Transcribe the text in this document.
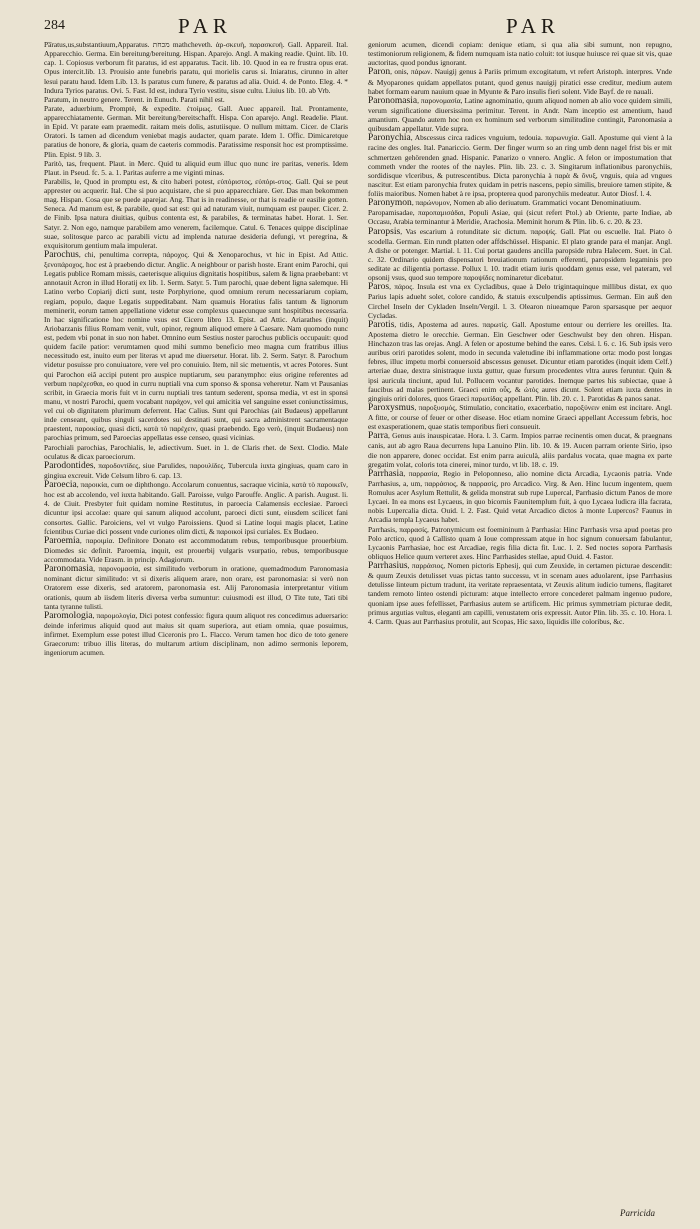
284	PAR	PAR

Pa̅ratus,us,substantiuum,Apparatus. מכחת mathcheveth. ἀρ-σκευὴ, παρασκευή. Gall. Appareil. Ital. Apparecchio. Germa. Ein bereitung/bereitung. Hispan. Aparejo. Angl. A making readie. Quint. lib. 10. cap. 1. Copiosus verborum fit paratus, id est apparatus. Tacit. lib. 10. Quod in ea re frustra opus erat. Opus intercit.lib. 13. Prouisio ante funebris paratu, qui morielis carus si. Iniaratus, cirunno in alter lesui paratu haud. Idem Lib. 13. Is paratus cum funere, & paratus ad alia. Ouid. 4. de Ponto. Eleg. 4. * Indura Tyrios paratus. Ovi. 5. Fast. Id est, indura Tyrio vestitu, sisue cultu. Liuius lib. 10. ab Vrb.

Paratum, in neutro genere. Terent. in Eunuch. Parati nihil est.

Parate, aduerbium, Promptè, & expedite. ἑτοίμως. Gall. Auec appareil. Ital. Prontamente, apparecchiatamente. German. Mit bereitung/bereitschafft. Hispa. Con aparejo. Angl. Readelie. Plaut. in Epid. Vt parate eam praemedit. raitam meis dolis, astutiisque. O nullum mittam. Cicer. de Claris Oratori. Is tamen ad dicendum veniebat magis audacter, quam parate. Idem 1. Offic. Dimicaretque paratius de honore, & gloria, quam de caeteris commodis. Paratissime responsit hoc est promptissime. Plin. Epist. 9 lib. 3.

Paritò, tas, frequent. Plaut. in Merc. Quid tu aliquid eum illuc quo nunc ire paritas, veneris. Idem Plaut. in Pseud. fc. 5. a. 1. Paritas auferre a me viginti minas.

Parabilis, le, Quod in promptu est, & cito haberi potest, εὐπόριστος, εὐπόρι-στος. Gall. Qui se peut apprester ou acquerir. Ital. Che si puo acquistare, che si puo apparecchiare. Ger. Das man bekommen mag. Hispan. Cosa que se puede aparejar. Ang. That is in readinesse, or that is readie or easilie gotten. Seneca. Ad manum est, & parabile, quod sat est: qui ad naturam viuit, numquam est pauper. Cicer. 2. de Finib. Ipsa natura diuitias, quibus contenta est, & parabiles, & terminatas habet. Horat. 1. Ser. Satyr. 2. Non ego, namque parabilem amo venerem, facilemque. Catul. 6. Tenaces quippe disciplinae suae, solitosque parco ac parabili victu ad implenda naturae desideria defungi, vt peregrina, & exquisitorum gentium mala impulerat.

Parochus, chi, penultima correpta, πάροχος. Qui & Xenoparochus, vt hic in Epist. Ad Attic. ξενοπάροχος, hoc est à praebendo dictur. Anglic. A neighbour or parish hoste. Erant enim Parochi, qui Legatis publice Romam missis, caeterisque aliquius dignitatis hospitibus, salem & ligna praebebant: vt annotauit Acron in illud Horatij ex lib. 1. Serm. Satyr. 5. Tum parochi, quae debent ligna salemque. Hi Latino verbo Copiarij dicti sunt, teste Porphyrione, quod omnium rerum necessariarum copiam, regiam, populo, daque Legatis suppeditabant. Nam quamuis Horatius falis tantum & lignorum meminerit, eorum tamen appellatione videtur esse complexus quaecunque sunt hospitibus necessaria. In hac significatione hoc nomine vsus est Cicero libro 13. Epist. ad Attic. Ariarathes (inquit) Ariobarzanis filius Romam venit, vult, opinor, regnum aliquod emere à Caesare. Nam quomodo nunc est, pedem vbi ponat in suo non habet. Omnino eum Sestius noster parochus publicis occupauit: quod quidem facile patior: verumtamen quod mihi summo beneficio meo magna cum fratribus illius necessitudo est, inuito eum per literas vt apud me diuersetur. Horat. lib. 2. Serm. Satyr. 8. Parochum videtur posuisse pro conuiuatore, vere vel pro conuiuio. Item, nil sic metuentis, vt acres Potores. Sunt qui Parochon eiã accipi putent pro auspice nuptiarum, seu paranympho: eius origine referentes ad verbum παρέχεσθαι, eo quod in curru nuptiali vna cum sponso & sponsa veheretur. Nam vt Pausanias scribit, in Graecia moris fuit vt in curru nuptiali tres tantum sederent, sponsa media, vt est in sponsi manu, vt nostri Parochi, quem vocabant παράχον, vel qui amicitia vel sanguine esset coniunctissimus, vel cui ob dignitatem plurimum deferrent. Hac Calius. Sunt qui Parochias (ait Budaeus) appellarunt inde censeant, quibus singuli sacerdotes sui destinati sunt, qui sacra administrent sacramentaque praestent, παροικίας, quasi dicti, κατὰ τὸ παρέχειν, quasi praebendo. Ego verò, (inquit Budaeus) non parochias primum, sed Paroecias appellatas esse censeo, quasi vicinias.

Parochiali parochias, Parochialis, le, adiectivum. Suet. in 1. de Claris rhet. de Sext. Clodio. Male oculatus & dicax paroeciorum.

Parodontides, παροδοντίδες, siue Parulides, παρουλίδες, Tubercula iuxta gingiuas, quam caro in gingiua excreuit. Vide Celsum libro 6. cap. 13.

Paroecia, παροικία, cum oe diphthongo. Accolarum conuentus, sacraque vicinia, κατὰ τὸ παροικεῖν, hoc est ab accolendo, vel iuxta habitando. Gall. Paroisse, vulgo Parouffe. Anglic. A parish. August. li. 4. de Ciuit. Presbyter fuit quidam nomine Restitutus, in paroecia Calamensis ecclesiae. Paroeci dicuntur ipsi accolae: quare qui sanum aliquod accolunt, paroeci dicti sunt, eiusdem scilicet fani consortes. Gallic. Paroiciens, vel vt vulgo Paroissiens. Quod si Latine loqui magis placet, Latine fcientibus Curiae dici possent vnde curiones olim dicti, & παροικοὶ ipsi curiales. Ex Budaeo.

Paroemia, παροιμία. Definitore Donato est accommodatum rebus, temporibusque prouerbium. Diomedes sic definit. Paroemia, inquit, est prouerbij vulgaris vsurpatio, rebus, temporibusque accommodata. Vide Erasm. in princip. Adagiorum.

Paronomasia, παρονομασία, est similitudo verborum in oratione, quemadmodum Paronomasia nominant dictur similitudo: vt si dixeris aliquem arare, non orare, est paronomasia: si verò non Oratorem esse dixeris, sed aratorem, paronomasia est. Alij Paronomasia interpretantur vitium orationis, quum ab iisdem literis diversa verba sumuntur: cuiusmodi est illud, O Tite tute, Tati tibi tanta tyranne tulisti.

Paromologia, παρομολογία, Dici potest confessio: figura quum aliquot res concedimus aduersario: deinde inferimus aliquid quod aut maius sit quam superiora, aut etiam omnia, quae posuimus, infirmet. Exemplum esse potest illud Ciceronis pro L. Flacco. Verum tamen hoc dico de toto genere Graecorum: tribuo illis literas, do multarum artium disciplinam, non adimo sermonis leporem, ingeniorum acumen.

geniorum acumen, dicendi copiam: denique etiam, si qua alia sibi sumunt, non repugno, testimoniorum religionem, & fidem numquam ista natio coluit: tot iusque huiusce rei quae sit vis, quae auctoritas, quod pondus ignorant.

Paron, onis, πάρων. Nauigij genus à Pariis primum excogitatum, vt refert Aristoph. interpres. Vnde & Myoparones quidam appellatos putant, quod genus nauigij piratici esse creditur, medium autem habet formam earum nauium quae in Myunte & Paro insulis fieri solent. Vide Bayf. de re nauali.

Paronomasia, παρονομασία, Latine agnominatio, quum aliquod nomen ab alio voce quidem simili, verum significatione diuersissima perimitur. Terent. in Andr. Nam inceptio est amentium, haud amantium. Quando autem hoc non ex hominum sed verborum similitudine contingit, Paronomasia a quibusdam appellatur. Vide supra.

Paronychia, Abscessus circa radices vnguium, tedouia. παρωνυχία. Gall. Apostume qui vient à la racine des ongles. Ital. Panariccio. Germ. Der finger wurm so an ring umb denn nagel frist bis er mit schmertzen gehörenden gnad. Hispanic. Panarizo o vnnero. Anglic. A felon or impostumation that commeth vnder the rootes of the nayles. Plin. lib. 23. c. 3. Singitarum inflationibus paronychiis, sordidisque vlceribus, & putrescentibus. Dicta paronychia à παρὰ & ὄνυξ, vnguis, quia ad vngues nascitur. Est etiam paronychia frutex quidam in petris nascens, pepio similis, breuiore tamen stipite, & foliis maioribus. Nomen habet à re ipsa, propterea quod paronychiis medeatur. Autor Diosf. l. 4.

Paronymon, παρώνυμον, Nomen ab alio deriuatum. Grammatici vocant Denominatiuum.

Paropamisadae, παροπαμισάδαι, Populi Asiae, qui (sicut refert Ptol.) ab Oriente, parte Indiae, ab Occasu, Arabia terminantur à Meridie, Arachosia. Meminit horum & Plin. lib. 6. c. 20. & 23.

Paropsis, Vas escarium à rotunditate sic dictum. παροψίς. Gall. Plat ou escuelle. Ital. Piato ò scodella. German. Ein rundt platten oder affdschüssel. Hispanic. El plato grande para el manjar. Angl. A dishe or potenger. Martial. l. 11. Cui portat gaudens ancilla paropside rubra Halecem. Suet. in Cal. c. 32. Ordinario quidem dispensatori breuiationum rationum efferenti, paropsidem legaminis pro seditate ac diligentia portasse. Pollux l. 10. tradit etiam iuris quoddam genus esse, vel pateram, vel opsonij vsus, quod suo tempore παροψίδες nominaretur dicebatur.

Paros, πάρος. Insula est vna ex Cycladibus, quae à Delo trigintaquinque millibus distat, ex quo Parius lapis adueht solet, colore candido, & statuis exsculpendis aptissimus. German. Ein auß den Circhel Inseln der Cykladen Inseln/Vergil. l. 3. Olearon niueamque Paron sparsasque per aequor Cycladas.

Parotis, tidis, Apostema ad aures. παρωτίς. Gall. Apostume entour ou derriere les oreilles. Ita. Apostema dietro le orecchie. German. Ein Geschwer oder Geschwulst bey den ohren. Hispan. Hinchazon tras las orejas. Angl. A felen or apostume behind the eares. Celsi. l. 6. c. 16. Sub ipsis vero auribus oriri parotides solent, modo in secunda valetudine ibi inflammatione orta: modo post longas febres, illuc impetu morbi conuersoid abscessus genuset. Dicuntur etiam parotides (inquit idem Celf.) arteriae duae, dextra sinistraque iuxta guttur, quae fursum procedentes vltra aures feruntur. Quin & ipsi auricula tinciunt, apud Iul. Pollucem vocantur parotides. Inemque partes his subiectae, quae à faucibus ad malas pertinent. Graeci enim οὖς, & ὠτὸς aures dicunt. Solent etiam iuxta dentes in gingiuis oriri dolores, quos Graeci παρωτίδας appellant. Plin. lib. 20. c. 1. Parotidas & panos sanat.

Paroxysmus, παροξυσμός, Stimulatio, concitatio, exacerbatio, παροξύνειν enim est incitare. Angl. A fitte, or course of feuer or other disease. Hoc etiam nomine Graeci appellant Accessum febris, hoc est exasperationem, quae statis temporibus fieri consueuit.

Parra, Genus auis inauspicatae. Hora. l. 3. Carm. Impios parrae recinentis omen ducat, & praegnans canis, aut ab agro Raua decurrens lupa Lanuino Plin. lib. 10. & 19. Aucen parram oriente Sirio, ipso die non apparere, donec occidat. Est enim parra auiculà, aliis pardalus vocata, quae magna ex parte gregatim volat, coloris tota cinerei, minor turdo, vt lib. 18. c. 19.

Parrhasia, παρρασία, Regio in Peloponneso, alio nomine dicta Arcadia, Lycaonis patria. Vnde Parrhasius, a, um, παρράσιος, & παρρασίς, pro Arcadico. Virg. & Aen. Hinc lucum ingentem, quem Romulus acer Asylum Rettulit, & gelida monstrat sub rupe Lupercal, Parrhasio dictum Panos de more Lycaei. In ea mons est Lycaeus, in quo bicornis Faunitemplum fuit, à quo Lycaea ludicra illa facrata, nobis Lupercalia dicta. Ouid. l. 2. Fast. Quid vetat Arcadico dictos à monte Lupercos? Faunus in Arcadia templa Lycaeus habet.

Parrhasis, παρρασίς, Patronymicum est foemininum à Parrhasia: Hinc Parrhasis vrsa apud poetas pro Polo arctico, quod à Callisto quam à Ioue compressam atque in hoc signum conuersam fabulantur, Lycaonis Parrhasiae, hoc est Arcadiae, regis filia dicta fit. Luc. l. 2. Sed noctes sopora Parrhasis obliquos Helice quum verteret axes. Hinc Parrhasides stellae, apud Ouid. 4. Fastor.

Parrhasius, παρράσιος, Nomen pictoris Ephesij, qui cum Zeuxide, in certamen picturae descendit: & quum Zeuxis detulisset vuas pictas tanto successu, vt in scenam aues aduolarent, ipse Parrhasius detulisse linteum pictum tradunt, ita veritate repraesentata, vt Zeuxis alitum iudicio tumens, flagitaret tandem remoto linteo ostendi picturam: atque intellecto errore concederet palmam ingenuo pudore, quoniam ipse aues fefellisset, Parrhasius autem se artificem. Hic primus symmetriam picturae dedit, primus argutias vultus, eleganti am capilli, venustatem oris expressit. Autor Plin. lib. 35. c. 10. Hora. l. 4. Carm. Quas aut Parrhasius protulit, aut Scopas, Hic saxo, liquidis ille coloribus, &c.

Parricida
